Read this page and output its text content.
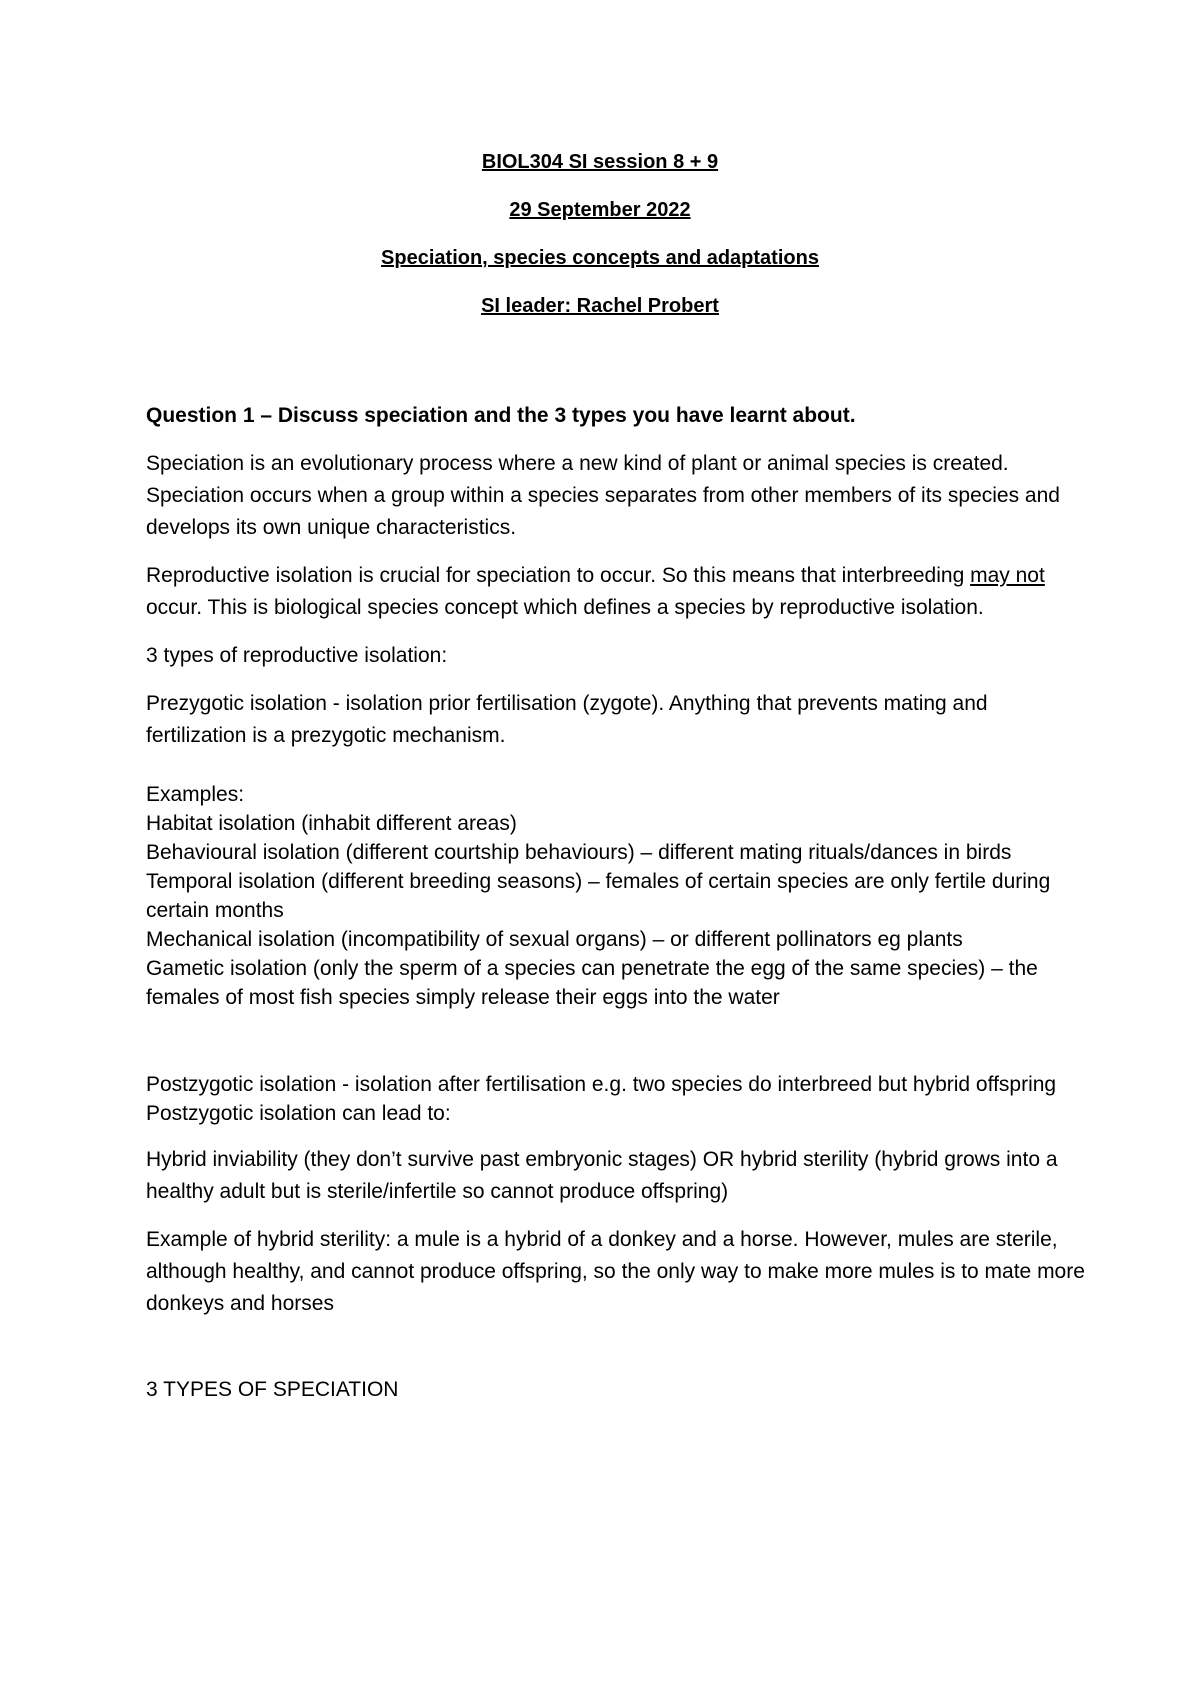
BIOL304 SI session 8 + 9

29 September 2022

Speciation, species concepts and adaptations

SI leader: Rachel Probert

Question 1 – Discuss speciation and the 3 types you have learnt about.

Speciation is an evolutionary process where a new kind of plant or animal species is created. Speciation occurs when a group within a species separates from other members of its species and develops its own unique characteristics.

Reproductive isolation is crucial for speciation to occur. So this means that interbreeding may not occur. This is biological species concept which defines a species by reproductive isolation.

3 types of reproductive isolation:

Prezygotic isolation - isolation prior fertilisation (zygote). Anything that prevents mating and fertilization is a prezygotic mechanism.

Examples:

Habitat isolation (inhabit different areas)

Behavioural isolation (different courtship behaviours) – different mating rituals/dances in birds

Temporal isolation (different breeding seasons) – females of certain species are only fertile during certain months

Mechanical isolation (incompatibility of sexual organs) – or different pollinators eg plants

Gametic isolation (only the sperm of a species can penetrate the egg of the same species) – the females of most fish species simply release their eggs into the water

Postzygotic isolation - isolation after fertilisation e.g. two species do interbreed but hybrid offspring

Postzygotic isolation can lead to:

Hybrid inviability (they don’t survive past embryonic stages) OR hybrid sterility (hybrid grows into a healthy adult but is sterile/infertile so cannot produce offspring)

Example of hybrid sterility: a mule is a hybrid of a donkey and a horse. However, mules are sterile, although healthy, and cannot produce offspring, so the only way to make more mules is to mate more donkeys and horses

3 TYPES OF SPECIATION
